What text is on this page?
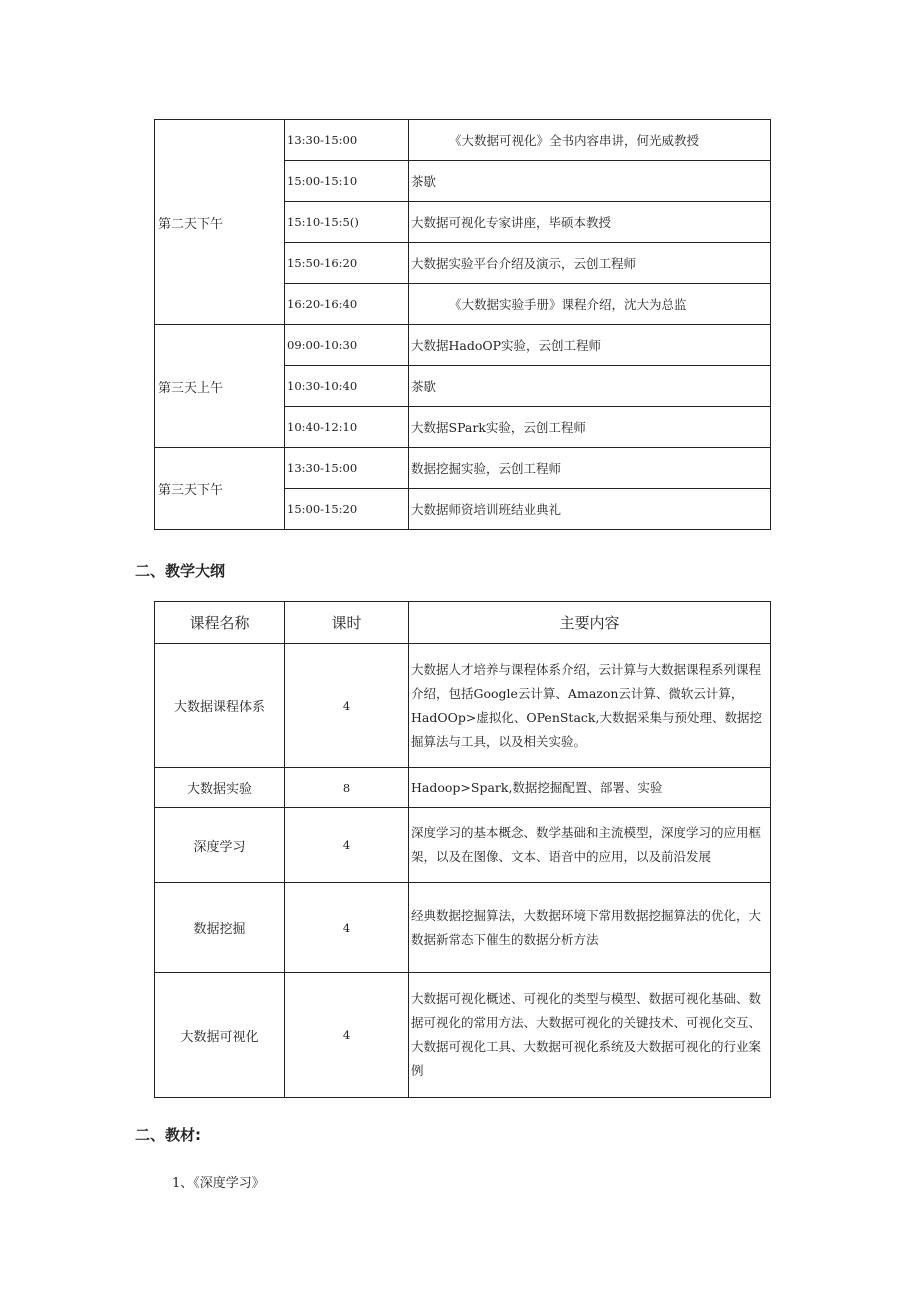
第二天下午	13:30-15:00	《大数据可视化》全书内容串讲，何光威教授
	15:00-15:10	茶歇
	15:10-15:5()	大数据可视化专家讲座，毕硕本教授
	15:50-16:20	大数据实验平台介绍及演示，云创工程师
	16:20-16:40	《大数据实验手册》课程介绍，沈大为总监
第三天上午	09:00-10:30	大数据HadoOP实验，云创工程师
	10:30-10:40	茶歇
	10:40-12:10	大数据SPark实验，云创工程师
第三天下午	13:30-15:00	数据挖掘实验，云创工程师
	15:00-15:20	大数据师资培训班结业典礼
二、教学大纲
课程名称	课时	主要内容
大数据课程体系	4	大数据人才培养与课程体系介绍，云计算与大数据课程系列课程介绍，包括Google云计算、Amazon云计算、微软云计算，HadOOp>虚拟化、OPenStack,大数据采集与预处理、数据挖掘算法与工具，以及相关实验。
大数据实验	8	Hadoop>Spark,数据挖掘配置、部署、实验
深度学习	4	深度学习的基本概念、数学基础和主流模型，深度学习的应用框架，以及在图像、文本、语音中的应用，以及前沿发展
数据挖掘	4	经典数据挖掘算法，大数据环境下常用数据挖掘算法的优化，大数据新常态下催生的数据分析方法
大数据可视化	4	大数据可视化概述、可视化的类型与模型、数据可视化基础、数据可视化的常用方法、大数据可视化的关键技术、可视化交互、大数据可视化工具、大数据可视化系统及大数据可视化的行业案例
二、教材:

1、《深度学习》
